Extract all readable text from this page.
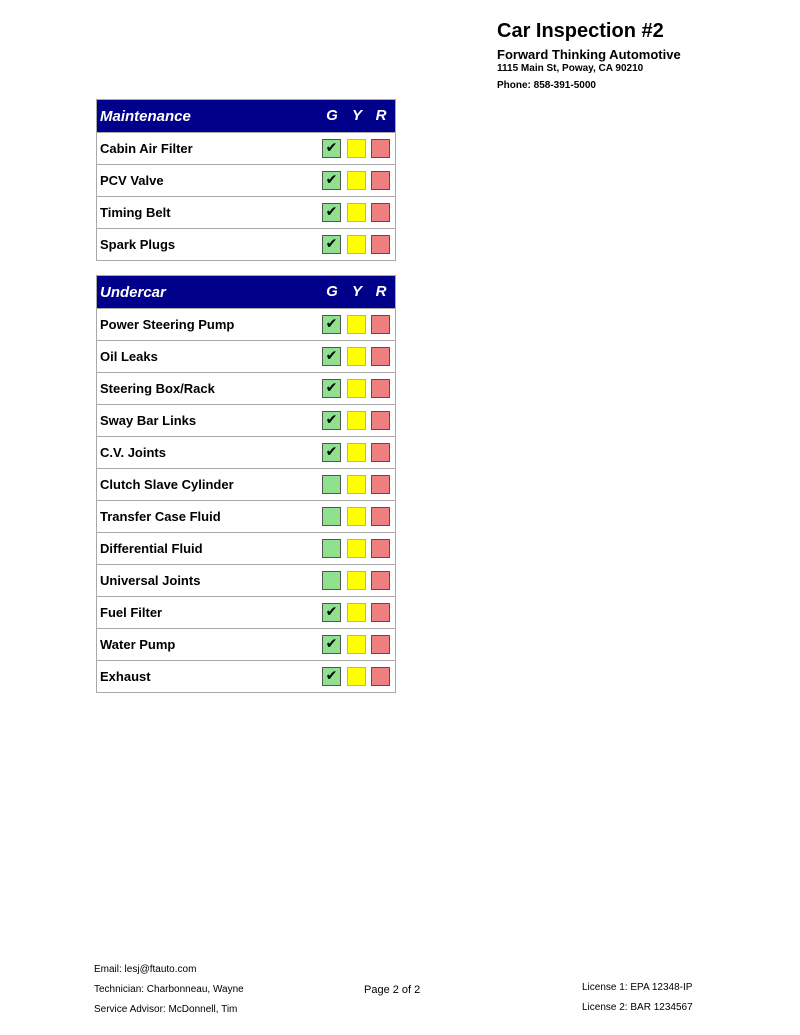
Car Inspection #2
Forward Thinking Automotive
1115 Main St, Poway, CA 90210
Phone: 858-391-5000
Maintenance	G Y R
Cabin Air Filter	✔
PCV Valve	✔
Timing Belt	✔
Spark Plugs	✔
Undercar	G Y R
Power Steering Pump	✔
Oil Leaks	✔
Steering Box/Rack	✔
Sway Bar Links	✔
C.V. Joints	✔
Clutch Slave Cylinder
Transfer Case Fluid
Differential Fluid
Universal Joints
Fuel Filter	✔
Water Pump	✔
Exhaust	✔
Email: lesj@ftauto.com
Technician: Charbonneau, Wayne
Service Advisor: McDonnell, Tim
Page 2 of 2	License 1: EPA 12348-IP
License 2: BAR 1234567
